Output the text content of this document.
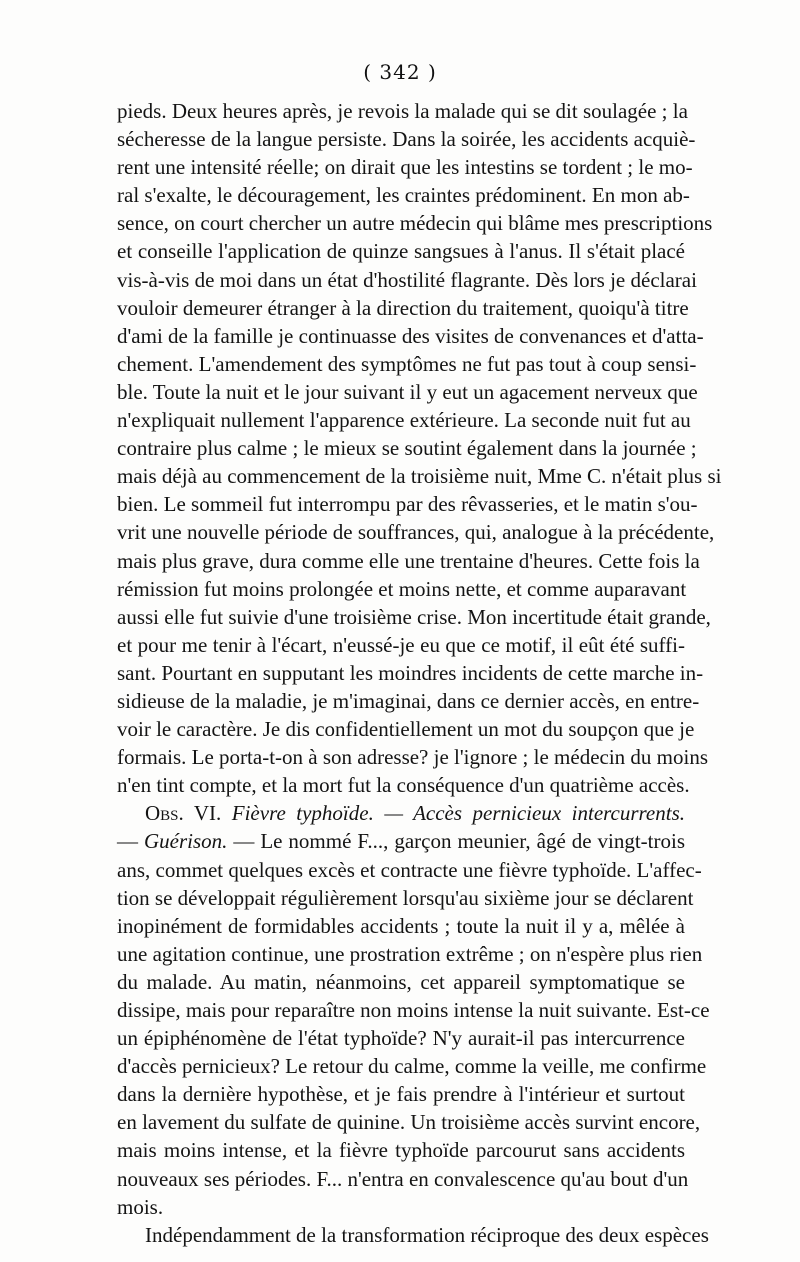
( 342 )
pieds. Deux heures après, je revois la malade qui se dit soulagée ; la
sécheresse de la langue persiste. Dans la soirée, les accidents acquiè-
rent une intensité réelle; on dirait que les intestins se tordent ; le mo-
ral s'exalte, le découragement, les craintes prédominent. En mon ab-
sence, on court chercher un autre médecin qui blâme mes prescriptions
et conseille l'application de quinze sangsues à l'anus. Il s'était placé
vis-à-vis de moi dans un état d'hostilité flagrante. Dès lors je déclarai
vouloir demeurer étranger à la direction du traitement, quoiqu'à titre
d'ami de la famille je continuasse des visites de convenances et d'atta-
chement. L'amendement des symptômes ne fut pas tout à coup sensi-
ble. Toute la nuit et le jour suivant il y eut un agacement nerveux que
n'expliquait nullement l'apparence extérieure. La seconde nuit fut au
contraire plus calme ; le mieux se soutint également dans la journée ;
mais déjà au commencement de la troisième nuit, Mme C. n'était plus si
bien. Le sommeil fut interrompu par des rêvasseries, et le matin s'ou-
vrit une nouvelle période de souffrances, qui, analogue à la précédente,
mais plus grave, dura comme elle une trentaine d'heures. Cette fois la
rémission fut moins prolongée et moins nette, et comme auparavant
aussi elle fut suivie d'une troisième crise. Mon incertitude était grande,
et pour me tenir à l'écart, n'eussé-je eu que ce motif, il eût été suffi-
sant. Pourtant en supputant les moindres incidents de cette marche in-
sidieuse de la maladie, je m'imaginai, dans ce dernier accès, en entre-
voir le caractère. Je dis confidentiellement un mot du soupçon que je
formais. Le porta-t-on à son adresse? je l'ignore ; le médecin du moins
n'en tint compte, et la mort fut la conséquence d'un quatrième accès.
Obs. VI. Fièvre typhoïde. — Accès pernicieux intercurrents.
— Guérison. — Le nommé F..., garçon meunier, âgé de vingt-trois
ans, commet quelques excès et contracte une fièvre typhoïde. L'affec-
tion se développait régulièrement lorsqu'au sixième jour se déclarent
inopinément de formidables accidents ; toute la nuit il y a, mêlée à
une agitation continue, une prostration extrême ; on n'espère plus rien
du malade. Au matin, néanmoins, cet appareil symptomatique se
dissipe, mais pour reparaître non moins intense la nuit suivante. Est-ce
un épiphénomène de l'état typhoïde? N'y aurait-il pas intercurrence
d'accès pernicieux? Le retour du calme, comme la veille, me confirme
dans la dernière hypothèse, et je fais prendre à l'intérieur et surtout
en lavement du sulfate de quinine. Un troisième accès survint encore,
mais moins intense, et la fièvre typhoïde parcourut sans accidents
nouveaux ses périodes. F... n'entra en convalescence qu'au bout d'un
mois.
Indépendamment de la transformation réciproque des deux espèces
